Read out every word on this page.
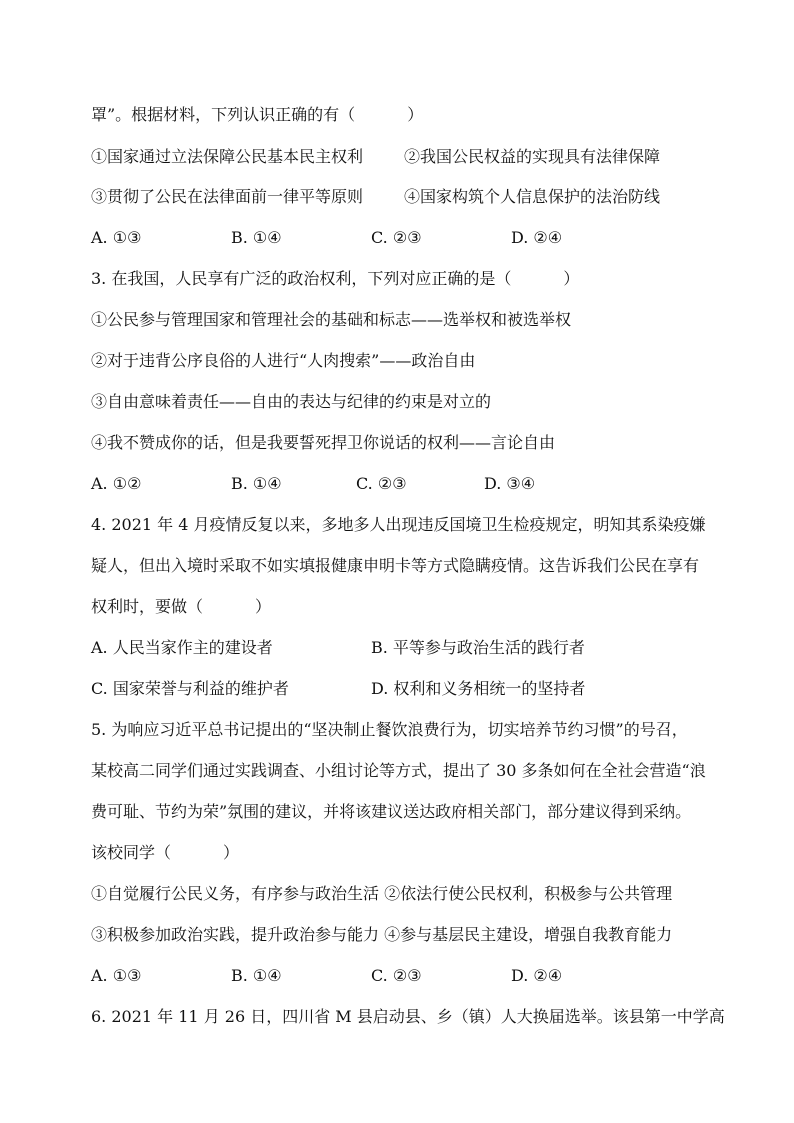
罩”。根据材料，下列认识正确的有（	）
①国家通过立法保障公民基本民主权利	②我国公民权益的实现具有法律保障
③贯彻了公民在法律面前一律平等原则	④国家构筑个人信息保护的法治防线
A. ①③	B. ①④	C. ②③	D. ②④
3. 在我国，人民享有广泛的政治权利，下列对应正确的是（	）
①公民参与管理国家和管理社会的基础和标志——选举权和被选举权
②对于违背公序良俗的人进行“人肉搜索”——政治自由
③自由意味着责任——自由的表达与纪律的约束是对立的
④我不赞成你的话，但是我要誓死捍卫你说话的权利——言论自由
A. ①②	B. ①④	C. ②③	D. ③④
4. 2021 年 4 月疫情反复以来，多地多人出现违反国境卫生检疫规定，明知其系染疫嫌
疑人，但出入境时采取不如实填报健康申明卡等方式隐瞒疫情。这告诉我们公民在享有
权利时，要做（	）
A. 人民当家作主的建设者	B. 平等参与政治生活的践行者
C. 国家荣誉与利益的维护者	D. 权利和义务相统一的坚持者
5. 为响应习近平总书记提出的“坚决制止餐饮浪费行为，切实培养节约习惯”的号召，
某校高二同学们通过实践调查、小组讨论等方式，提出了 30 多条如何在全社会营造“浪
费可耻、节约为荣”氛围的建议，并将该建议送达政府相关部门，部分建议得到采纳。
该校同学（	）
①自觉履行公民义务，有序参与政治生活 ②依法行使公民权利，积极参与公共管理
③积极参加政治实践，提升政治参与能力 ④参与基层民主建设，增强自我教育能力
A. ①③	B. ①④	C. ②③	D. ②④
6. 2021 年 11 月 26 日，四川省 M 县启动县、乡（镇）人大换届选举。该县第一中学高
